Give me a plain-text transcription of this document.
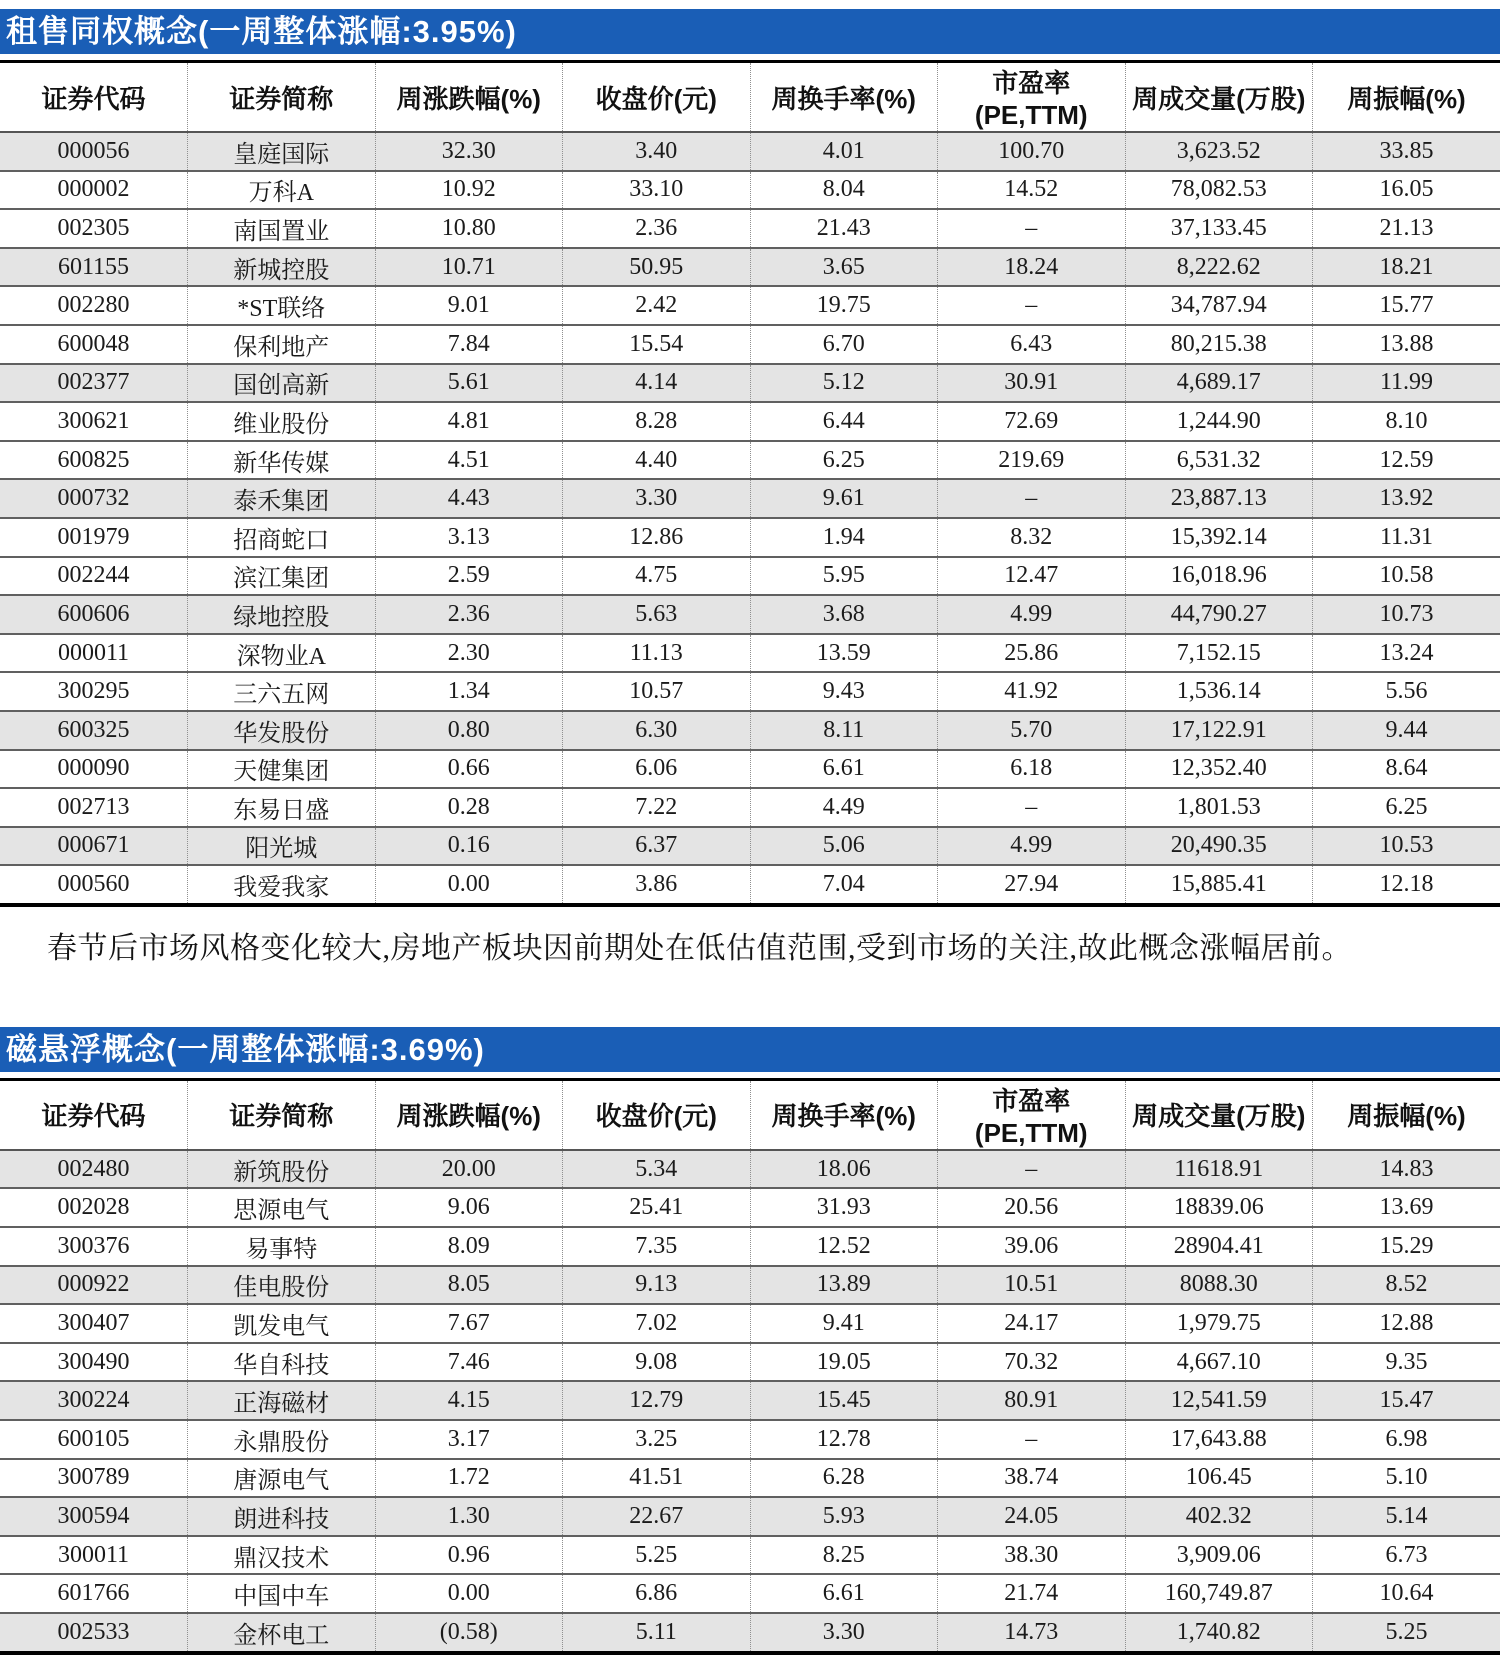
租售同权概念(一周整体涨幅:3.95%)
证券代码	证券简称	周涨跌幅(%)	收盘价(元)	周换手率(%)	市盈率(PE,TTM)	周成交量(万股)	周振幅(%)
000056	皇庭国际	32.30	3.40	4.01	100.70	3,623.52	33.85
000002	万科A	10.92	33.10	8.04	14.52	78,082.53	16.05
002305	南国置业	10.80	2.36	21.43	–	37,133.45	21.13
601155	新城控股	10.71	50.95	3.65	18.24	8,222.62	18.21
002280	*ST联络	9.01	2.42	19.75	–	34,787.94	15.77
600048	保利地产	7.84	15.54	6.70	6.43	80,215.38	13.88
002377	国创高新	5.61	4.14	5.12	30.91	4,689.17	11.99
300621	维业股份	4.81	8.28	6.44	72.69	1,244.90	8.10
600825	新华传媒	4.51	4.40	6.25	219.69	6,531.32	12.59
000732	泰禾集团	4.43	3.30	9.61	–	23,887.13	13.92
001979	招商蛇口	3.13	12.86	1.94	8.32	15,392.14	11.31
002244	滨江集团	2.59	4.75	5.95	12.47	16,018.96	10.58
600606	绿地控股	2.36	5.63	3.68	4.99	44,790.27	10.73
000011	深物业A	2.30	11.13	13.59	25.86	7,152.15	13.24
300295	三六五网	1.34	10.57	9.43	41.92	1,536.14	5.56
600325	华发股份	0.80	6.30	8.11	5.70	17,122.91	9.44
000090	天健集团	0.66	6.06	6.61	6.18	12,352.40	8.64
002713	东易日盛	0.28	7.22	4.49	–	1,801.53	6.25
000671	阳光城	0.16	6.37	5.06	4.99	20,490.35	10.53
000560	我爱我家	0.00	3.86	7.04	27.94	15,885.41	12.18

春节后市场风格变化较大,房地产板块因前期处在低估值范围,受到市场的关注,故此概念涨幅居前。

磁悬浮概念(一周整体涨幅:3.69%)
证券代码	证券简称	周涨跌幅(%)	收盘价(元)	周换手率(%)	市盈率(PE,TTM)	周成交量(万股)	周振幅(%)
002480	新筑股份	20.00	5.34	18.06	–	11618.91	14.83
002028	思源电气	9.06	25.41	31.93	20.56	18839.06	13.69
300376	易事特	8.09	7.35	12.52	39.06	28904.41	15.29
000922	佳电股份	8.05	9.13	13.89	10.51	8088.30	8.52
300407	凯发电气	7.67	7.02	9.41	24.17	1,979.75	12.88
300490	华自科技	7.46	9.08	19.05	70.32	4,667.10	9.35
300224	正海磁材	4.15	12.79	15.45	80.91	12,541.59	15.47
600105	永鼎股份	3.17	3.25	12.78	–	17,643.88	6.98
300789	唐源电气	1.72	41.51	6.28	38.74	106.45	5.10
300594	朗进科技	1.30	22.67	5.93	24.05	402.32	5.14
300011	鼎汉技术	0.96	5.25	8.25	38.30	3,909.06	6.73
601766	中国中车	0.00	6.86	6.61	21.74	160,749.87	10.64
002533	金杯电工	(0.58)	5.11	3.30	14.73	1,740.82	5.25
